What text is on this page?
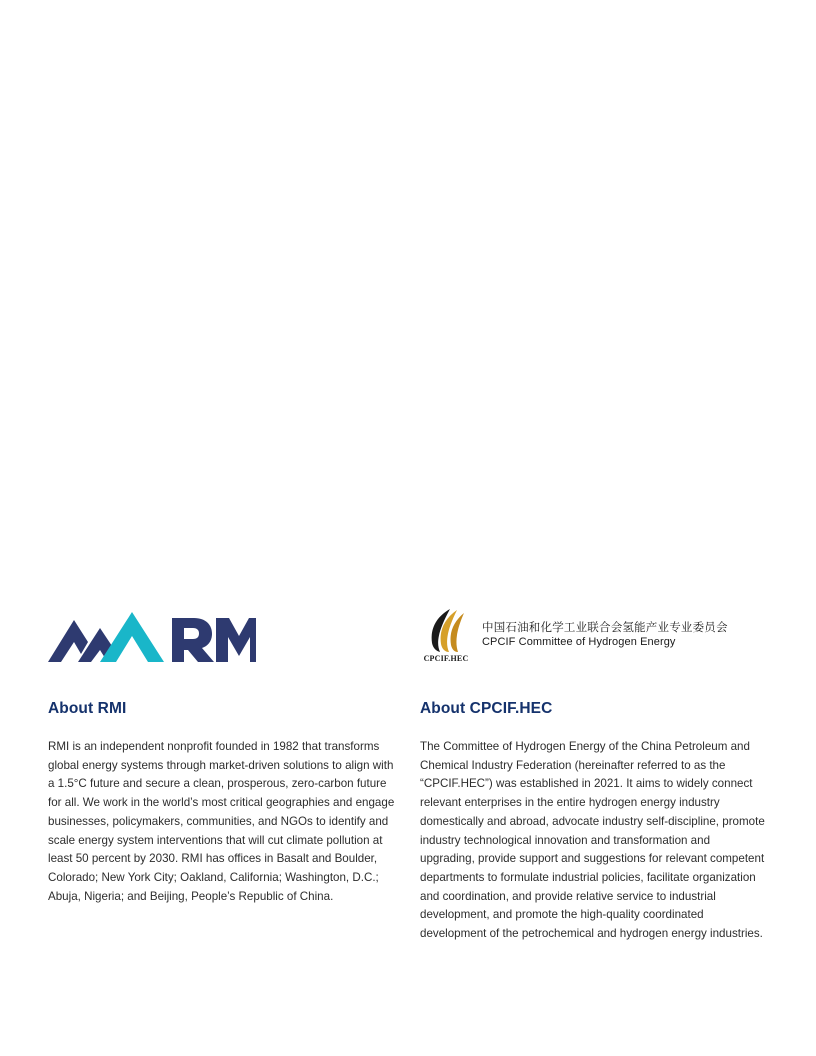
About RMI

RMI is an independent nonprofit founded in 1982 that transforms global energy systems through market-driven solutions to align with a 1.5°C future and secure a clean, prosperous, zero-carbon future for all. We work in the world’s most critical geographies and engage businesses, policymakers, communities, and NGOs to identify and scale energy system interventions that will cut climate pollution at least 50 percent by 2030. RMI has offices in Basalt and Boulder, Colorado; New York City; Oakland, California; Washington, D.C.; Abuja, Nigeria; and Beijing, People’s Republic of China.

CPCIF.HEC
中国石油和化学工业联合会氢能产业专业委员会
CPCIF Committee of Hydrogen Energy
About CPCIF.HEC

The Committee of Hydrogen Energy of the China Petroleum and Chemical Industry Federation (hereinafter referred to as the “CPCIF.HEC”) was established in 2021. It aims to widely connect relevant enterprises in the entire hydrogen energy industry domestically and abroad, advocate industry self-discipline, promote industry technological innovation and transformation and upgrading, provide support and suggestions for relevant competent departments to formulate industrial policies, facilitate organization and coordination, and provide relative service to industrial development, and promote the high-quality coordinated development of the petrochemical and hydrogen energy industries.
